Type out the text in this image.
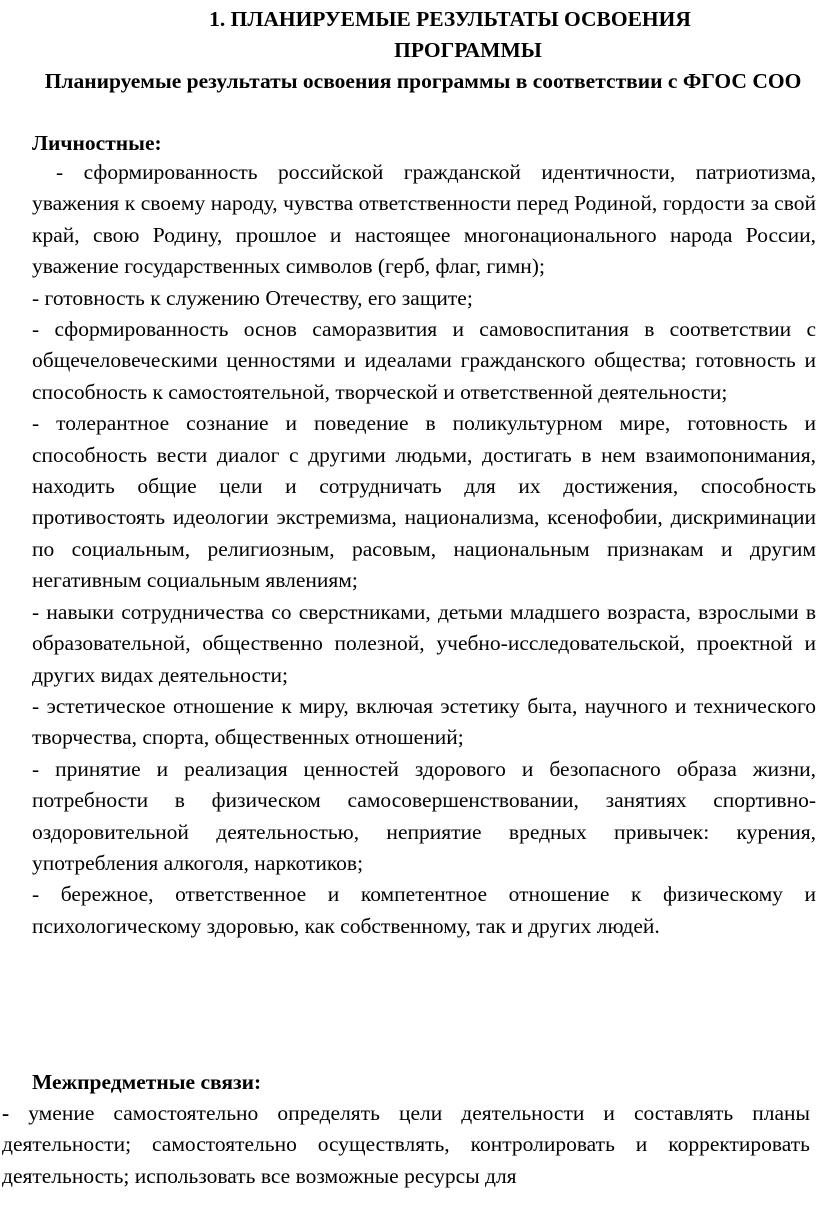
1. ПЛАНИРУЕМЫЕ РЕЗУЛЬТАТЫ ОСВОЕНИЯ
ПРОГРАММЫ
Планируемые результаты освоения программы в соответствии с ФГОС СОО
Личностные:

- сформированность российской гражданской идентичности, патриотизма, уважения к своему народу, чувства ответственности перед Родиной, гордости за свой край, свою Родину, прошлое и настоящее многонационального народа России, уважение государственных символов (герб, флаг, гимн);

- готовность к служению Отечеству, его защите;

- сформированность основ саморазвития и самовоспитания в соответствии с общечеловеческими ценностями и идеалами гражданского общества; готовность и способность к самостоятельной, творческой и ответственной деятельности;

- толерантное сознание и поведение в поликультурном мире, готовность и способность вести диалог с другими людьми, достигать в нем взаимопонимания, находить общие цели и сотрудничать для их достижения, способность противостоять идеологии экстремизма, национализма, ксенофобии, дискриминации по социальным, религиозным, расовым, национальным признакам и другим негативным социальным явлениям;

- навыки сотрудничества со сверстниками, детьми младшего возраста, взрослыми в образовательной, общественно полезной, учебно-исследовательской, проектной и других видах деятельности;

- эстетическое отношение к миру, включая эстетику быта, научного и технического творчества, спорта, общественных отношений;

- принятие и реализация ценностей здорового и безопасного образа жизни, потребности в физическом самосовершенствовании, занятиях спортивно-оздоровительной деятельностью, неприятие вредных привычек: курения, употребления алкоголя, наркотиков;

- бережное, ответственное и компетентное отношение к физическому и психологическому здоровью, как собственному, так и других людей.

Межпредметные связи:
- умение самостоятельно определять цели деятельности и составлять планы деятельности; самостоятельно осуществлять, контролировать и корректировать деятельность; использовать все возможные ресурсы для
